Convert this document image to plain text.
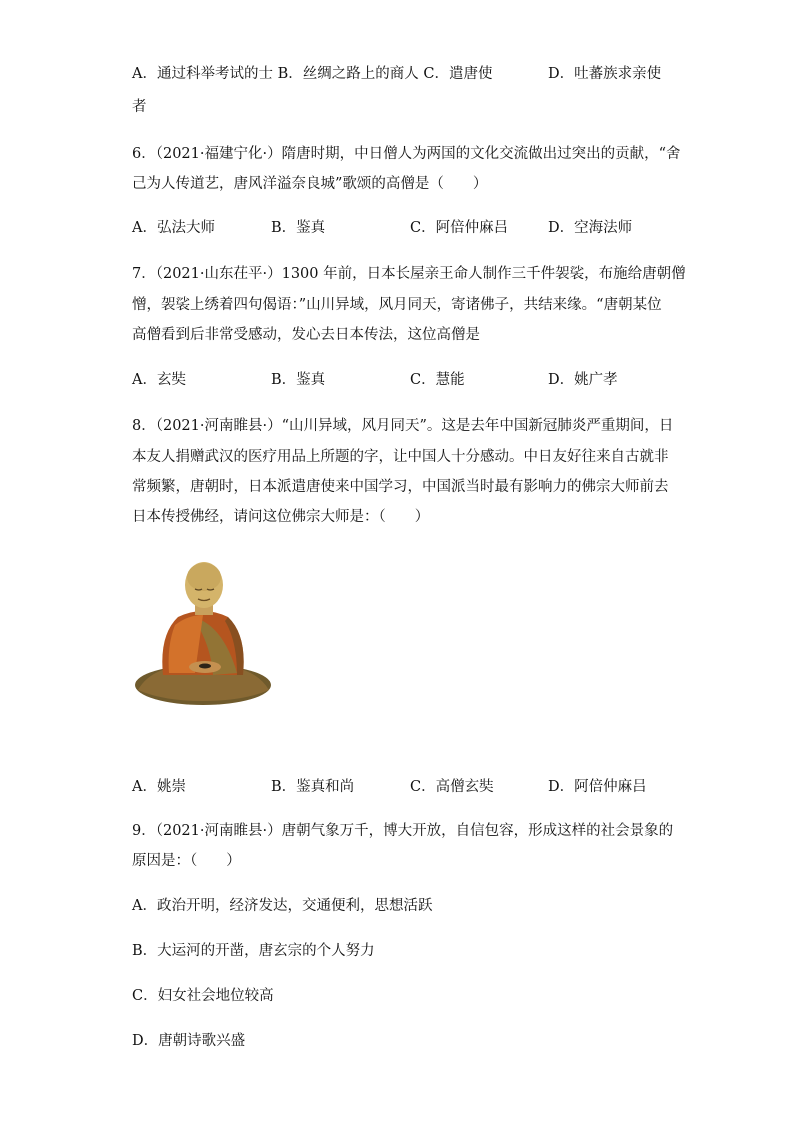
A．通过科举考试的士 B．丝绸之路上的商人 C．遣唐使	D．吐蕃族求亲使
者
6．（2021·福建宁化·）隋唐时期，中日僧人为两国的文化交流做出过突出的贡献，“舍
己为人传道艺，唐风洋溢奈良城”歌颂的高僧是（　　）
A．弘法大师	B．鉴真	C．阿倍仲麻吕	D．空海法师
7．（2021·山东茌平·）1300 年前，日本长屋亲王命人制作三千件袈裟，布施给唐朝僧
憎，袈裟上绣着四句偈语：”山川异域，风月同天，寄诸佛子，共结来缘。“唐朝某位
高僧看到后非常受感动，发心去日本传法，这位高僧是
A．玄奘	B．鉴真	C．慧能	D．姚广孝
8．（2021·河南睢县·）“山川异域，风月同天”。这是去年中国新冠肺炎严重期间，日
本友人捐赠武汉的医疗用品上所题的字，让中国人十分感动。中日友好往来自古就非
常频繁，唐朝时，日本派遣唐使来中国学习，中国派当时最有影响力的佛宗大师前去
日本传授佛经，请问这位佛宗大师是：（　　）
A．姚崇	B．鉴真和尚	C．高僧玄奘	D．阿倍仲麻吕
9．（2021·河南睢县·）唐朝气象万千，博大开放，自信包容，形成这样的社会景象的
原因是：（　　）
A．政治开明，经济发达，交通便利，思想活跃
B．大运河的开凿，唐玄宗的个人努力
C．妇女社会地位较高
D．唐朝诗歌兴盛
